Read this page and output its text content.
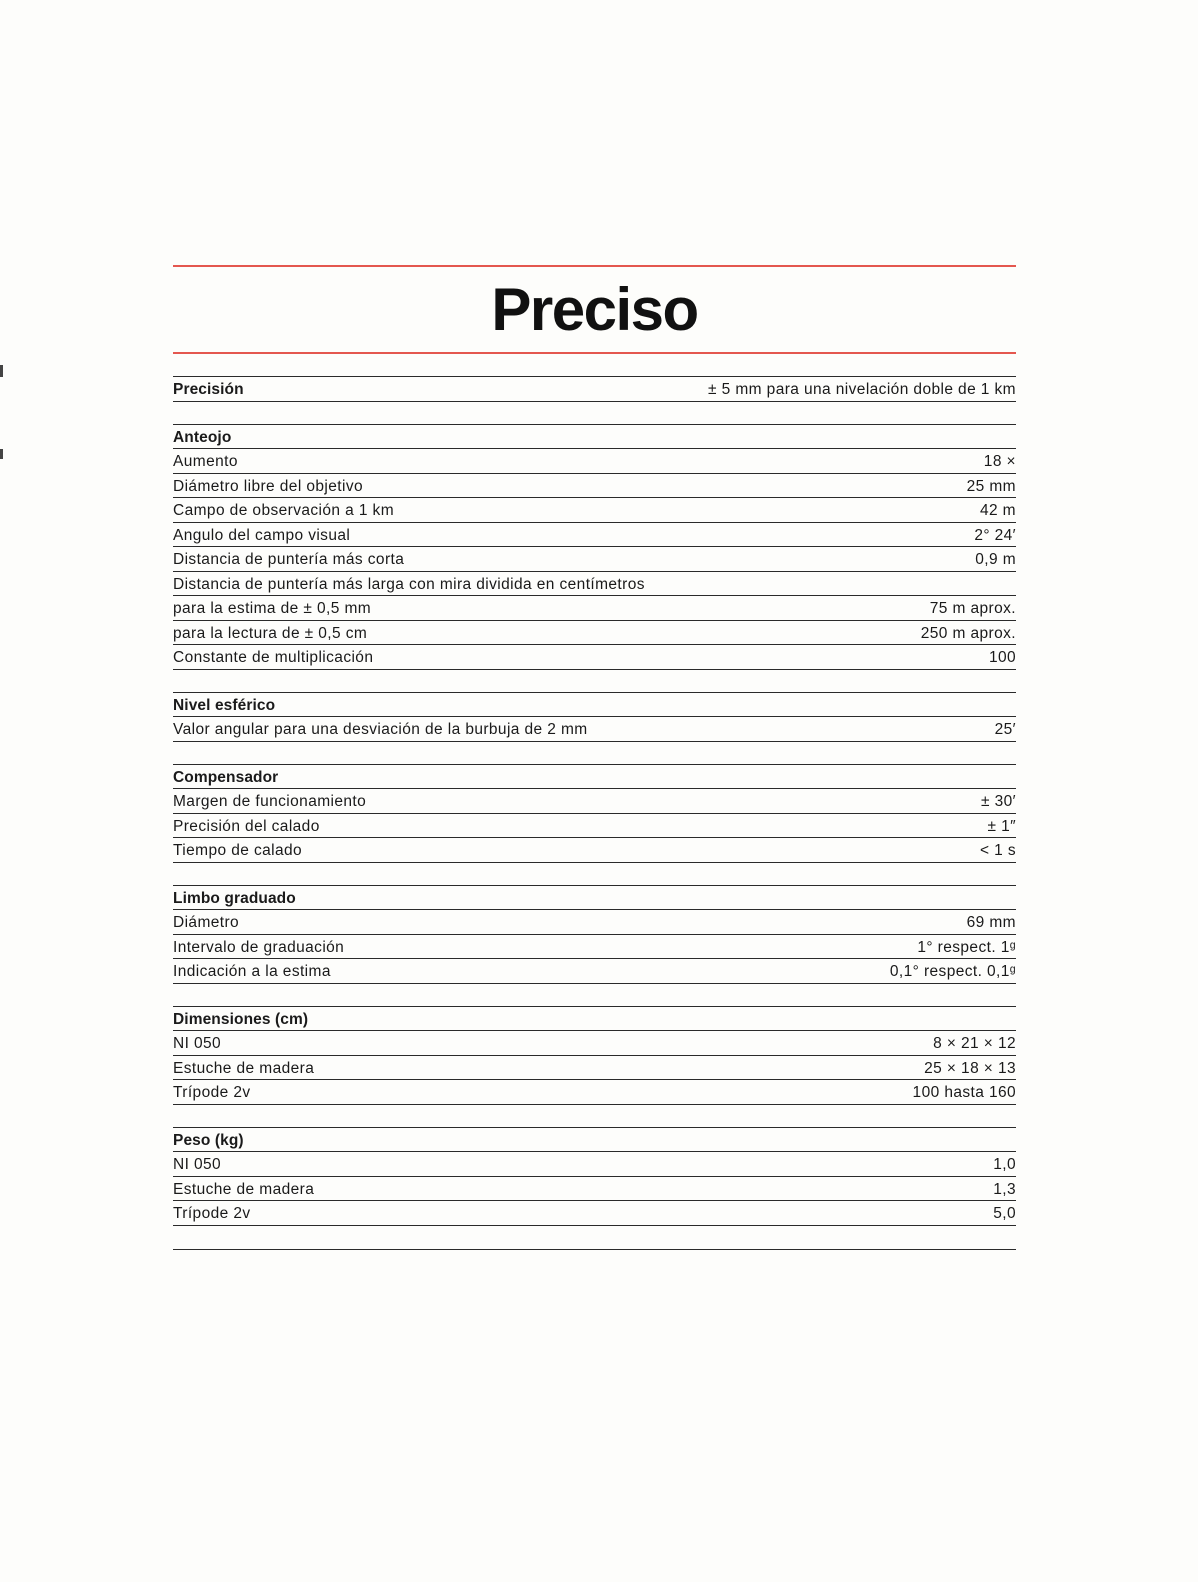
Preciso
Precisión	± 5 mm para una nivelación doble de 1 km
Anteojo
Aumento	18 ×
Diámetro libre del objetivo	25 mm
Campo de observación a 1 km	42 m
Angulo del campo visual	2° 24′
Distancia de puntería más corta	0,9 m
Distancia de puntería más larga con mira dividida en centímetros
para la estima de ± 0,5 mm	75 m aprox.
para la lectura de ± 0,5 cm	250 m aprox.
Constante de multiplicación	100
Nivel esférico
Valor angular para una desviación de la burbuja de 2 mm	25′
Compensador
Margen de funcionamiento	± 30′
Precisión del calado	± 1″
Tiempo de calado	< 1 s
Limbo graduado
Diámetro	69 mm
Intervalo de graduación	1° respect. 1ᵍ
Indicación a la estima	0,1° respect. 0,1ᵍ
Dimensiones (cm)
NI 050	8 × 21 × 12
Estuche de madera	25 × 18 × 13
Trípode 2v	100 hasta 160
Peso (kg)
NI 050	1,0
Estuche de madera	1,3
Trípode 2v	5,0
